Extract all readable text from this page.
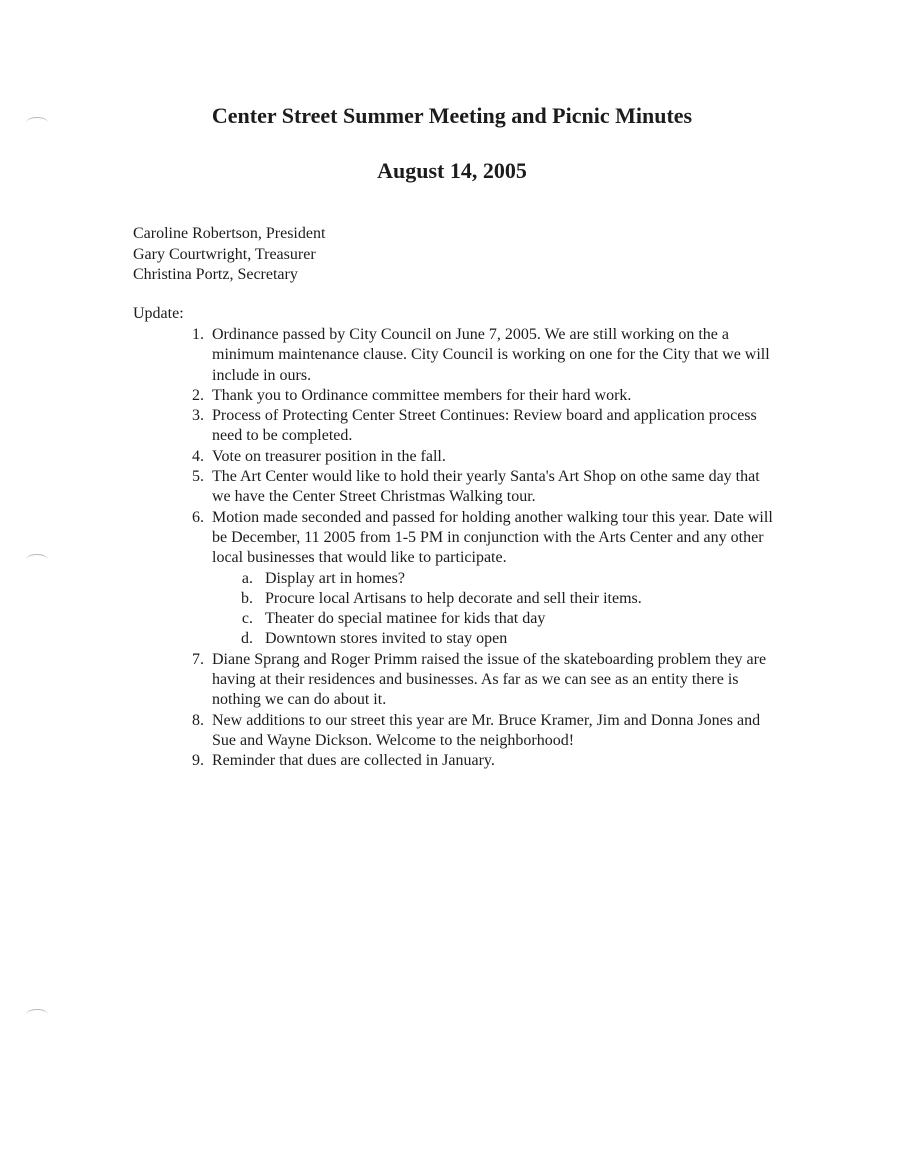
Center Street Summer Meeting and Picnic Minutes
August 14, 2005
Caroline Robertson, President
Gary Courtwright, Treasurer
Christina Portz, Secretary
Update:
1. Ordinance passed by City Council on June 7, 2005. We are still working on the a minimum maintenance clause. City Council is working on one for the City that we will include in ours.
2. Thank you to Ordinance committee members for their hard work.
3. Process of Protecting Center Street Continues: Review board and application process need to be completed.
4. Vote on treasurer position in the fall.
5. The Art Center would like to hold their yearly Santa's Art Shop on othe same day that we have the Center Street Christmas Walking tour.
6. Motion made seconded and passed for holding another walking tour this year. Date will be December, 11 2005 from 1-5 PM in conjunction with the Arts Center and any other local businesses that would like to participate.
a. Display art in homes?
b. Procure local Artisans to help decorate and sell their items.
c. Theater do special matinee for kids that day
d. Downtown stores invited to stay open
7. Diane Sprang and Roger Primm raised the issue of the skateboarding problem they are having at their residences and businesses. As far as we can see as an entity there is nothing we can do about it.
8. New additions to our street this year are Mr. Bruce Kramer, Jim and Donna Jones and Sue and Wayne Dickson. Welcome to the neighborhood!
9. Reminder that dues are collected in January.
